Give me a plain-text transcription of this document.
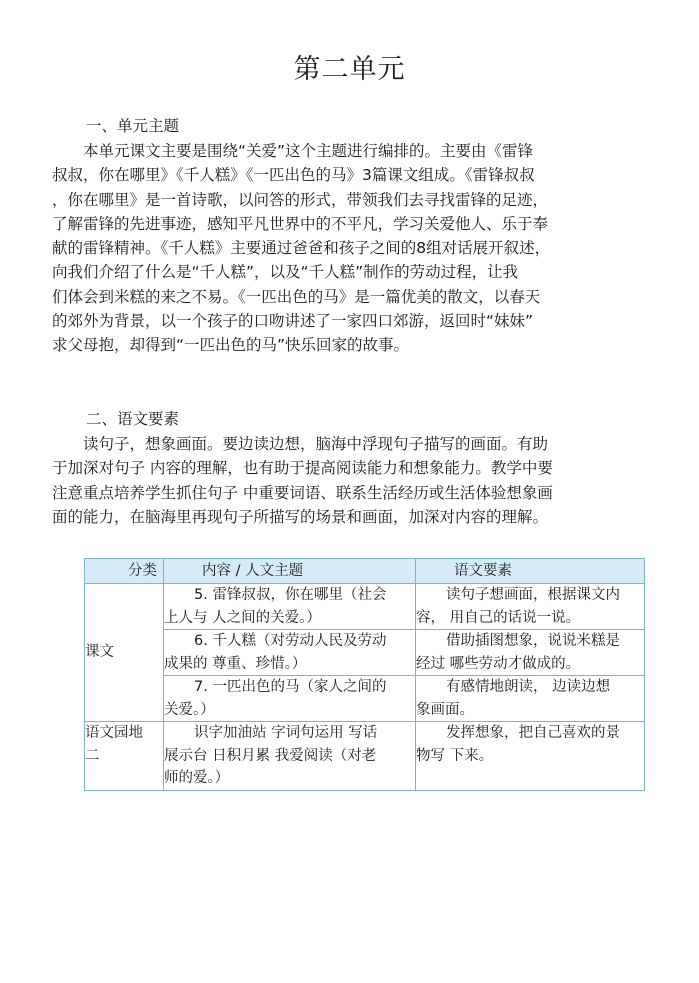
第二单元
一、单元主题
　　本单元课文主要是围绕“关爱”这个主题进行编排的。主要由《雷锋
叔叔，你在哪里》《千人糕》《一匹出色的马》3篇课文组成。《雷锋叔叔
，你在哪里》是一首诗歌，以问答的形式，带领我们去寻找雷锋的足迹，
了解雷锋的先进事迹，感知平凡世界中的不平凡，学习关爱他人、乐于奉
献的雷锋精神。《千人糕》主要通过爸爸和孩子之间的8组对话展开叙述，
向我们介绍了什么是“千人糕”，以及“千人糕”制作的劳动过程，让我
们体会到米糕的来之不易。《一匹出色的马》是一篇优美的散文，以春天
的郊外为背景，以一个孩子的口吻讲述了一家四口郊游，返回时“妹妹”
求父母抱，却得到“一匹出色的马”快乐回家的故事。
二、语文要素
　　读句子，想象画面。要边读边想，脑海中浮现句子描写的画面。有助
于加深对句子 内容的理解，也有助于提高阅读能力和想象能力。教学中要
注意重点培养学生抓住句子 中重要词语、联系生活经历或生活体验想象画
面的能力，在脑海里再现句子所描写的场景和画面，加深对内容的理解。
分类	内容 / 人文主题	语文要素
课文	5. 雷锋叔叔，你在哪里（社会
上人与 人之间的关爱。）	读句子想画面，根据课文内
容， 用自己的话说一说。

	6. 千人糕（对劳动人民及劳动
成果的 尊重、珍惜。）	借助插图想象，说说米糕是
经过 哪些劳动才做成的。

	7. 一匹出色的马（家人之间的
关爱。）	有感情地朗读， 边读边想
象画面。

语文园地
二	识字加油站 字词句运用 写话
展示台 日积月累 我爱阅读（对老
师的爱。）	发挥想象，把自己喜欢的景
物写 下来。
